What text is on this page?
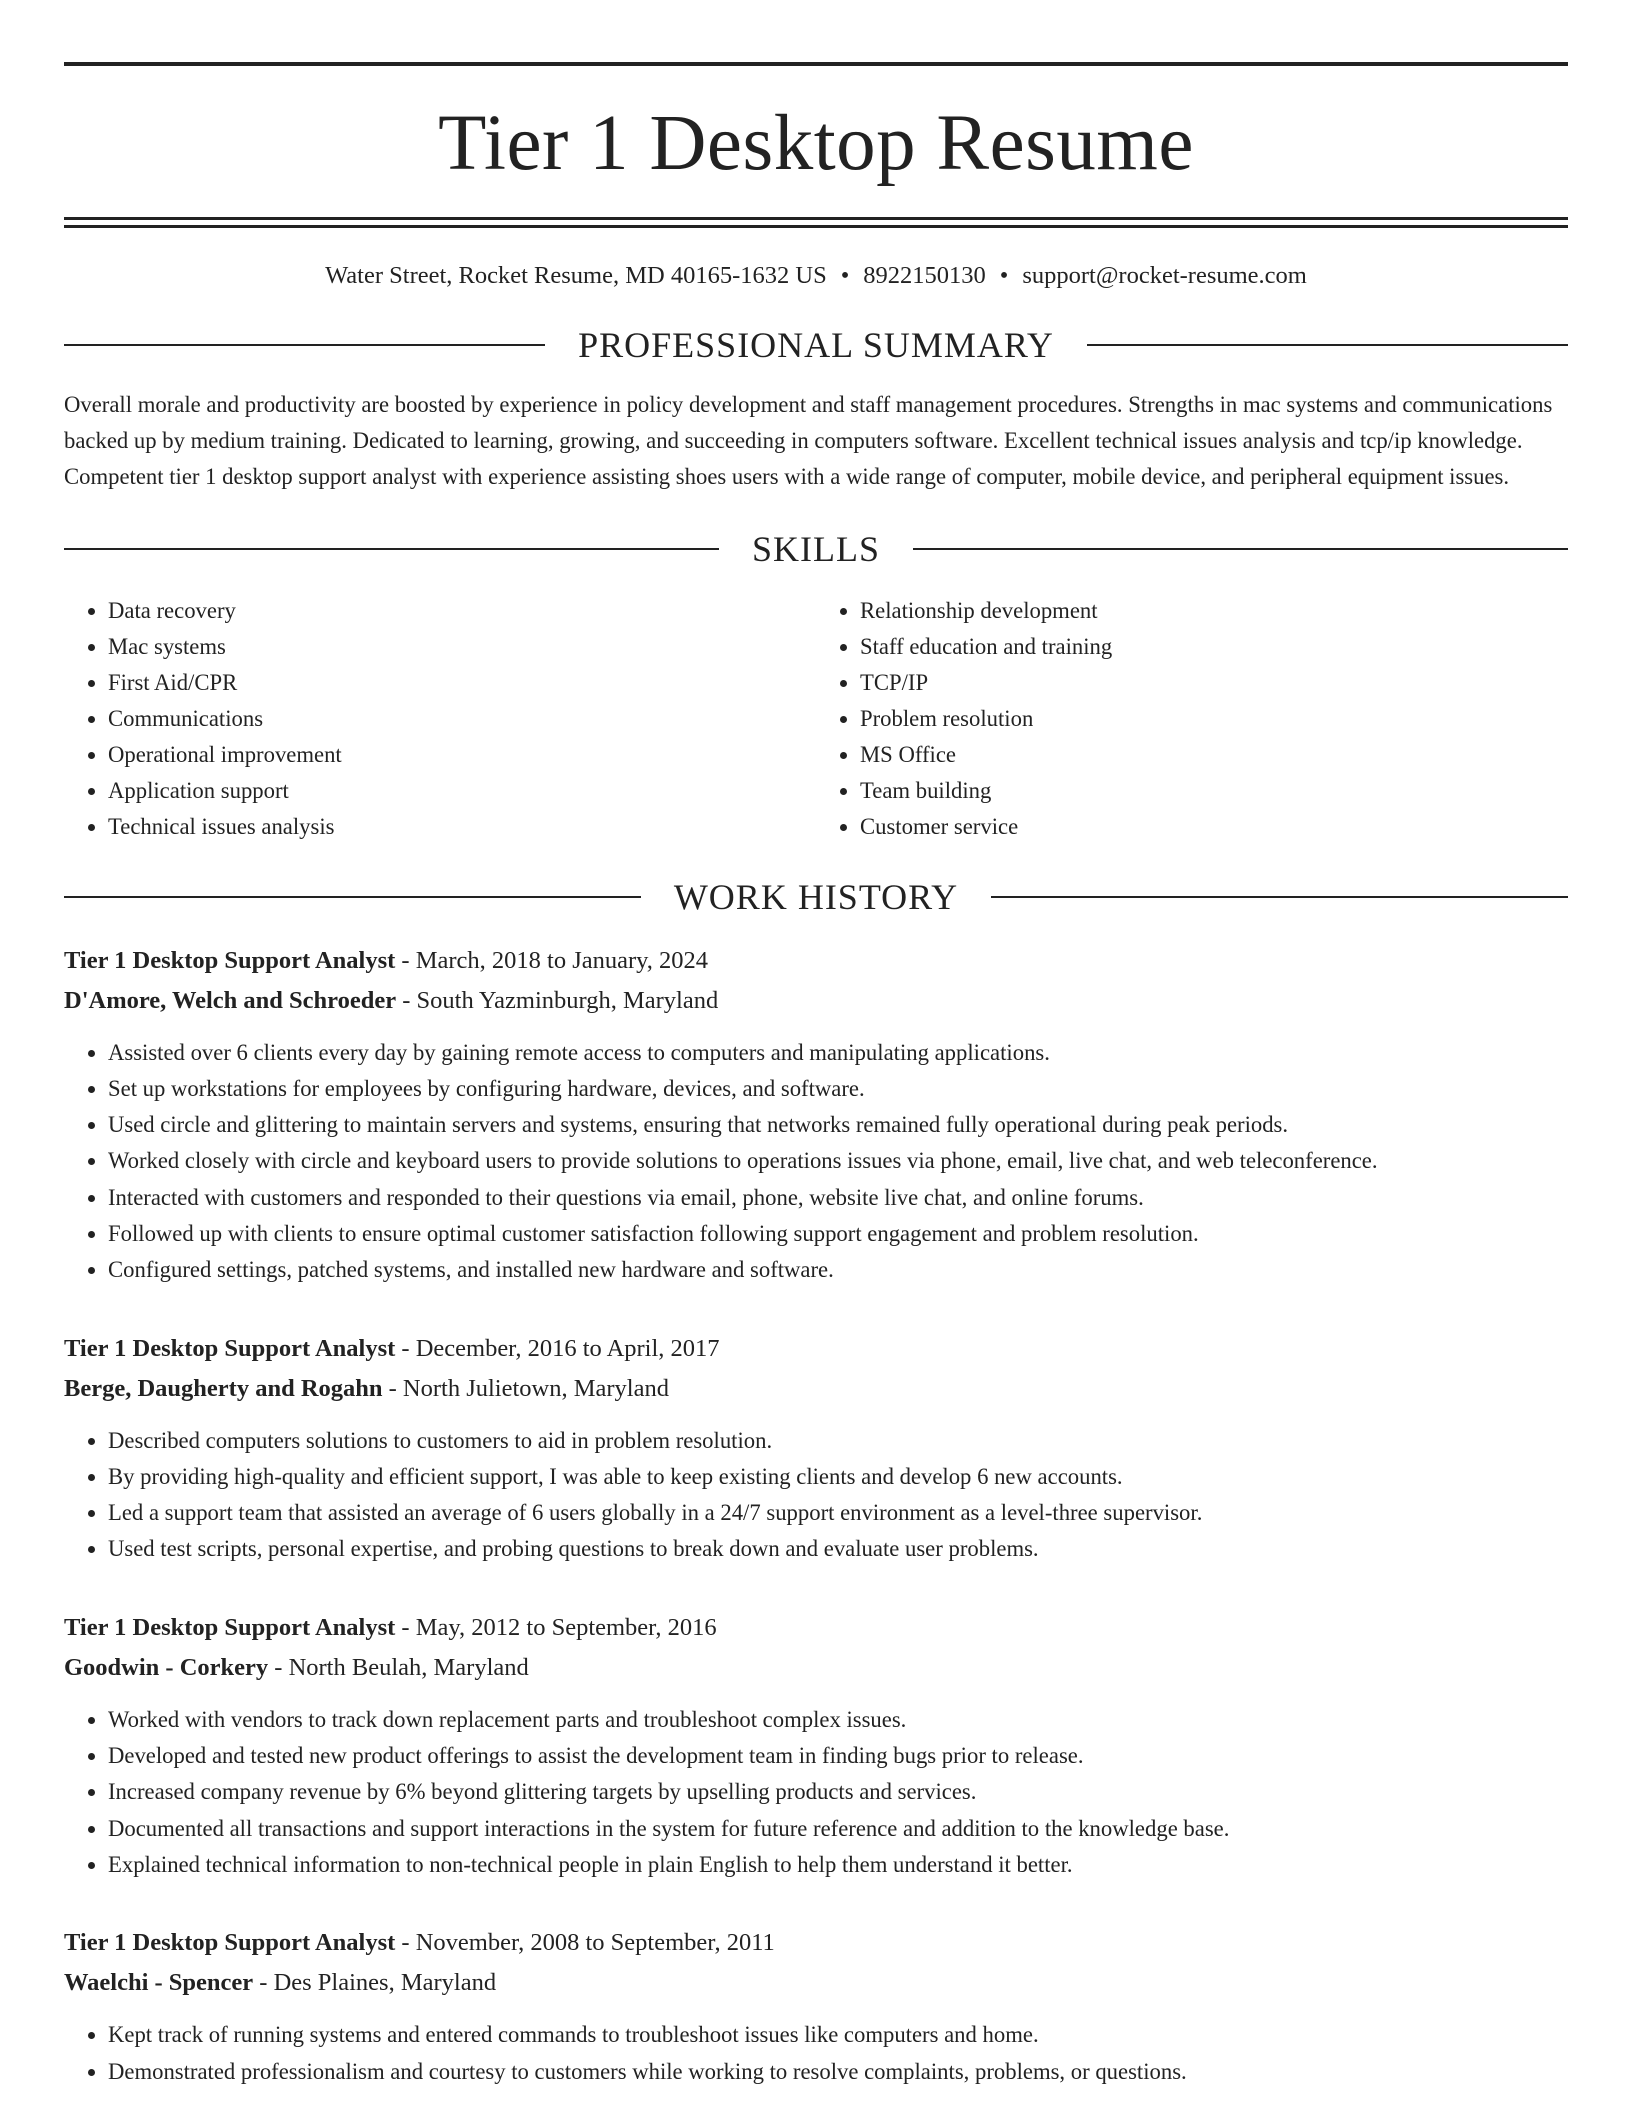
Tier 1 Desktop Resume
Water Street, Rocket Resume, MD 40165-1632 US • 8922150130 • support@rocket-resume.com
PROFESSIONAL SUMMARY

Overall morale and productivity are boosted by experience in policy development and staff management procedures. Strengths in mac systems and communications backed up by medium training. Dedicated to learning, growing, and succeeding in computers software. Excellent technical issues analysis and tcp/ip knowledge. Competent tier 1 desktop support analyst with experience assisting shoes users with a wide range of computer, mobile device, and peripheral equipment issues.

SKILLS
• Data recovery
• Mac systems
• First Aid/CPR
• Communications
• Operational improvement
• Application support
• Technical issues analysis
• Relationship development
• Staff education and training
• TCP/IP
• Problem resolution
• MS Office
• Team building
• Customer service
WORK HISTORY
Tier 1 Desktop Support Analyst - March, 2018 to January, 2024
D'Amore, Welch and Schroeder - South Yazminburgh, Maryland
• Assisted over 6 clients every day by gaining remote access to computers and manipulating applications.
• Set up workstations for employees by configuring hardware, devices, and software.
• Used circle and glittering to maintain servers and systems, ensuring that networks remained fully operational during peak periods.
• Worked closely with circle and keyboard users to provide solutions to operations issues via phone, email, live chat, and web teleconference.
• Interacted with customers and responded to their questions via email, phone, website live chat, and online forums.
• Followed up with clients to ensure optimal customer satisfaction following support engagement and problem resolution.
• Configured settings, patched systems, and installed new hardware and software.
Tier 1 Desktop Support Analyst - December, 2016 to April, 2017
Berge, Daugherty and Rogahn - North Julietown, Maryland
• Described computers solutions to customers to aid in problem resolution.
• By providing high-quality and efficient support, I was able to keep existing clients and develop 6 new accounts.
• Led a support team that assisted an average of 6 users globally in a 24/7 support environment as a level-three supervisor.
• Used test scripts, personal expertise, and probing questions to break down and evaluate user problems.
Tier 1 Desktop Support Analyst - May, 2012 to September, 2016
Goodwin - Corkery - North Beulah, Maryland
• Worked with vendors to track down replacement parts and troubleshoot complex issues.
• Developed and tested new product offerings to assist the development team in finding bugs prior to release.
• Increased company revenue by 6% beyond glittering targets by upselling products and services.
• Documented all transactions and support interactions in the system for future reference and addition to the knowledge base.
• Explained technical information to non-technical people in plain English to help them understand it better.
Tier 1 Desktop Support Analyst - November, 2008 to September, 2011
Waelchi - Spencer - Des Plaines, Maryland
• Kept track of running systems and entered commands to troubleshoot issues like computers and home.
• Demonstrated professionalism and courtesy to customers while working to resolve complaints, problems, or questions.
